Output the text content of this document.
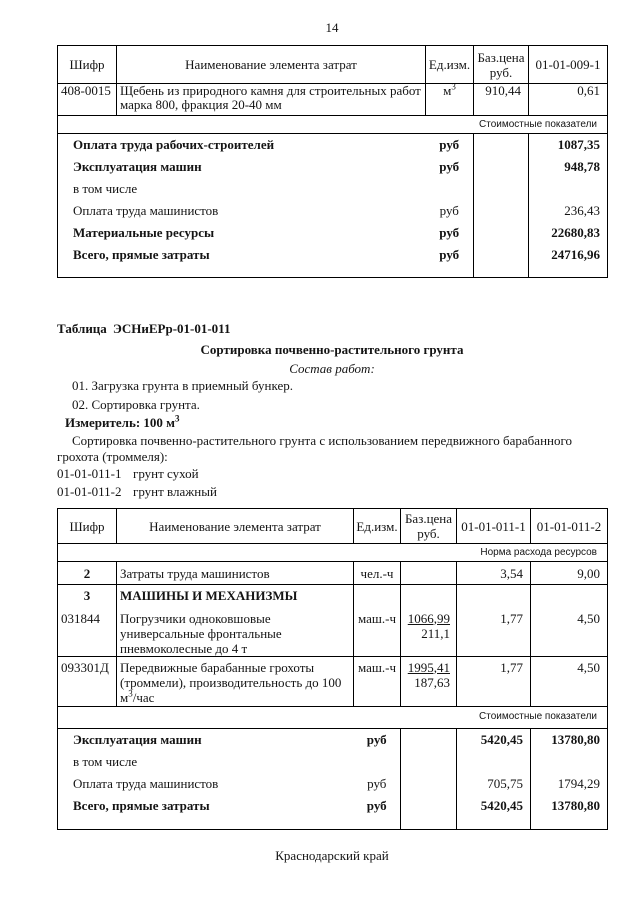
14
Шифр	Наименование элемента затрат	Ед.изм.	Баз.цена
руб.	01-01-009-1
408-0015	Щебень из природного камня для строительных работ
марка 800, фракция 20-40 мм	$м^3$	910,44	0,61
Стоимостные показатели				
Оплата труда рабочих-строителей		руб		1087,35
Эксплуатация машин		руб		948,78
в том числе				
Оплата труда машинистов		руб		236,43
Материальные ресурсы		руб		22680,83
Всего, прямые затраты		руб		24716,96

Таблица ЭСНиЕРр-01-01-011
Сортировка почвенно-растительного грунта
Состав работ:
01. Загрузка грунта в приемный бункер.
02. Сортировка грунта.
Измеритель: 100 $м^3$
Сортировка почвенно-растительного грунта с использованием передвижного барабанного
грохота (троммеля):
01-01-011-1 грунт сухой
01-01-011-2 грунт влажный
Шифр	Наименование элемента затрат	Ед.изм.	Баз.цена
руб.	01-01-011-1	01-01-011-2
Норма расхода ресурсов					
2	Затраты труда машинистов	чел.-ч		3,54	9,00
3	МАШИНЫ И МЕХАНИЗМЫ				
031844	Погрузчики одноковшовые
универсальные фронтальные
пневмоколесные до 4 т	маш.-ч	1066,99
211,1	1,77	4,50
093301Д	Передвижные барабанные грохоты
(троммели), производительность до 100
$м^3$/час	маш.-ч	1995,41
187,63	1,77	4,50
Стоимостные показатели					
Эксплуатация машин		руб		5420,45	13780,80
в том числе					
Оплата труда машинистов		руб		705,75	1794,29
Всего, прямые затраты		руб		5420,45	13780,80

Краснодарский край
